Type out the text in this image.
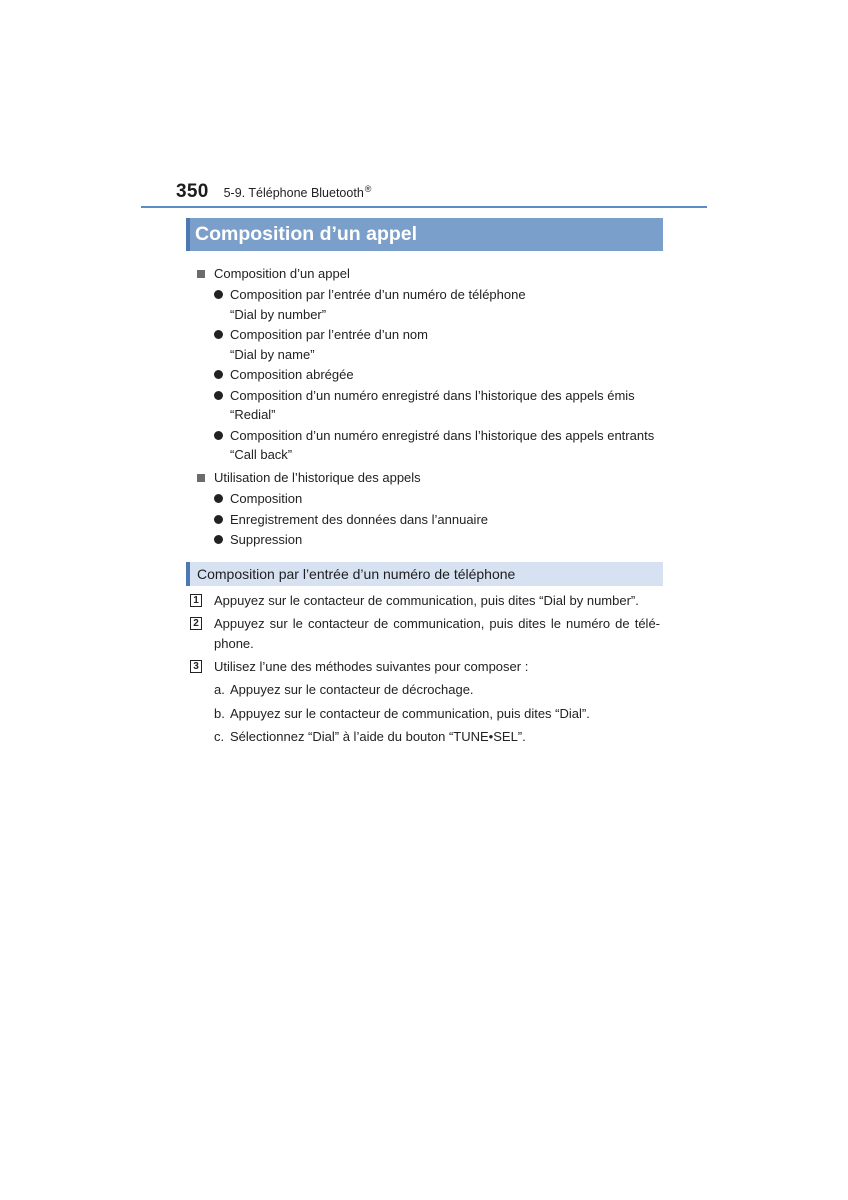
350 5-9. Téléphone Bluetooth®
Composition d’un appel
Composition d’un appel
Composition par l’entrée d’un numéro de téléphone
“Dial by number”
Composition par l’entrée d’un nom
“Dial by name”
Composition abrégée
Composition d’un numéro enregistré dans l’historique des appels émis
“Redial”
Composition d’un numéro enregistré dans l’historique des appels entrants
“Call back”
Utilisation de l’historique des appels
Composition
Enregistrement des données dans l’annuaire
Suppression
Composition par l’entrée d’un numéro de téléphone
1 Appuyez sur le contacteur de communication, puis dites “Dial by number”.
2 Appuyez sur le contacteur de communication, puis dites le numéro de télé-phone.
3 Utilisez l’une des méthodes suivantes pour composer :
a. Appuyez sur le contacteur de décrochage.
b. Appuyez sur le contacteur de communication, puis dites “Dial”.
c. Sélectionnez “Dial” à l’aide du bouton “TUNE•SEL”.
